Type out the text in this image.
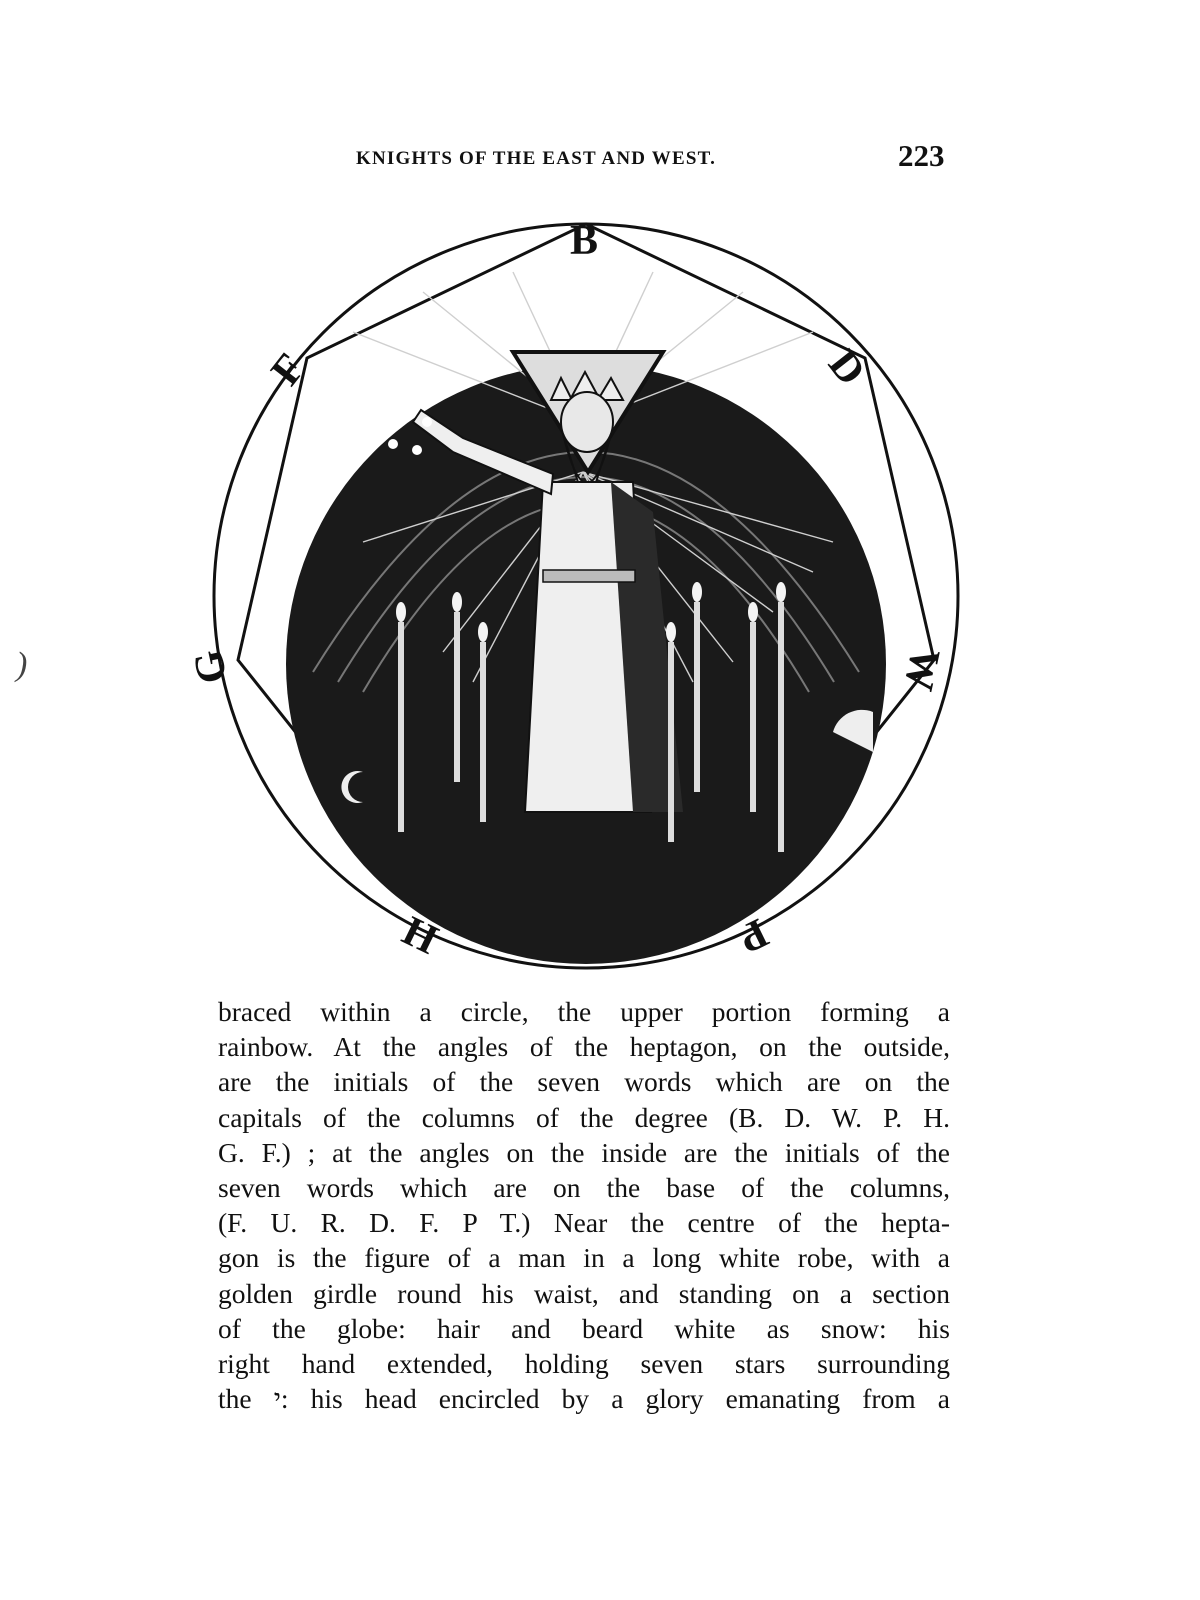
KNIGHTS OF THE EAST AND WEST.	223
)
י
B
D
W
P
H
G
F
braced within a circle, the upper portion forming a
rainbow. At the angles of the heptagon, on the outside,
are the initials of the seven words which are on the
capitals of the columns of the degree (B. D. W. P. H.
G. F.) ; at the angles on the inside are the initials of the
seven words which are on the base of the columns,
(F. U. R. D. F. P T.) Near the centre of the hepta-
gon is the figure of a man in a long white robe, with a
golden girdle round his waist, and standing on a section
of the globe: hair and beard white as snow: his
right hand extended, holding seven stars surrounding
the י: his head encircled by a glory emanating from a
